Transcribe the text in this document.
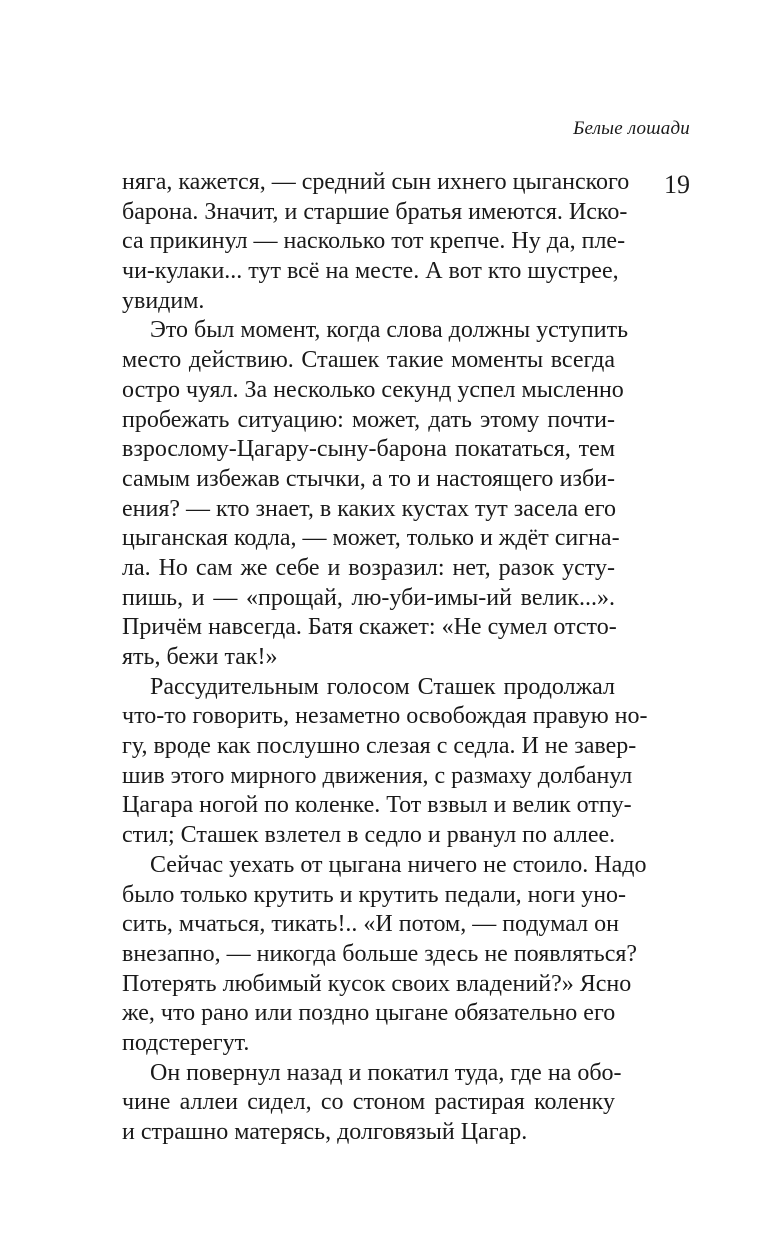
Белые лошади
19
няга, кажется, — средний сын ихнего цыганского
барона. Значит, и старшие братья имеются. Иско-
са прикинул — насколько тот крепче. Ну да, пле-
чи-кулаки... тут всё на месте. А вот кто шустрее,
увидим.
Это был момент, когда слова должны уступить
место действию. Сташек такие моменты всегда
остро чуял. За несколько секунд успел мысленно
пробежать ситуацию: может, дать этому почти-
взрослому-Цагару-сыну-барона покататься, тем
самым избежав стычки, а то и настоящего изби-
ения? — кто знает, в каких кустах тут засела его
цыганская кодла, — может, только и ждёт сигна-
ла. Но сам же себе и возразил: нет, разок усту-
пишь, и — «прощай, лю-уби-имы-ий велик...».
Причём навсегда. Батя скажет: «Не сумел отсто-
ять, бежи так!»
Рассудительным голосом Сташек продолжал
что-то говорить, незаметно освобождая правую но-
гу, вроде как послушно слезая с седла. И не завер-
шив этого мирного движения, с размаху долбанул
Цагара ногой по коленке. Тот взвыл и велик отпу-
стил; Сташек взлетел в седло и рванул по аллее.
Сейчас уехать от цыгана ничего не стоило. Надо
было только крутить и крутить педали, ноги уно-
сить, мчаться, тикать!.. «И потом, — подумал он
внезапно, — никогда больше здесь не появляться?
Потерять любимый кусок своих владений?» Ясно
же, что рано или поздно цыгане обязательно его
подстерегут.
Он повернул назад и покатил туда, где на обо-
чине аллеи сидел, со стоном растирая коленку
и страшно матерясь, долговязый Цагар.
